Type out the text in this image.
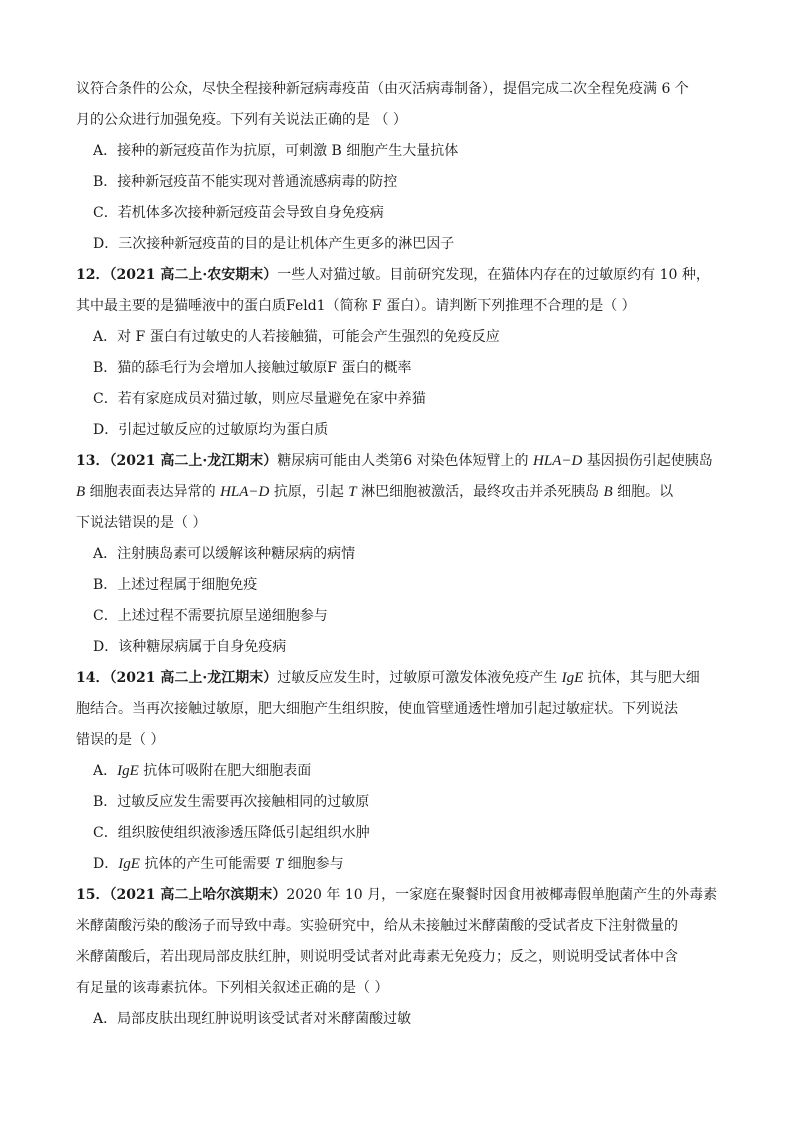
议符合条件的公众，尽快全程接种新冠病毒疫苗（由灭活病毒制备），提倡完成二次全程免疫满 6 个
月的公众进行加强免疫。下列有关说法正确的是 （ ）
A．接种的新冠疫苗作为抗原，可刺激 B 细胞产生大量抗体
B．接种新冠疫苗不能实现对普通流感病毒的防控
C．若机体多次接种新冠疫苗会导致自身免疫病
D．三次接种新冠疫苗的目的是让机体产生更多的淋巴因子
12．（2021 高二上·农安期末）一些人对猫过敏。目前研究发现，在猫体内存在的过敏原约有 10 种，
其中最主要的是猫唾液中的蛋白质Feld1（简称 F 蛋白）。请判断下列推理不合理的是（ ）
A．对 F 蛋白有过敏史的人若接触猫，可能会产生强烈的免疫反应
B．猫的舔毛行为会增加人接触过敏原F 蛋白的概率
C．若有家庭成员对猫过敏，则应尽量避免在家中养猫
D．引起过敏反应的过敏原均为蛋白质
13．（2021 高二上·龙江期末）糖尿病可能由人类第6 对染色体短臂上的 HLA−D 基因损伤引起使胰岛
B 细胞表面表达异常的 HLA−D 抗原，引起 T 淋巴细胞被激活，最终攻击并杀死胰岛 B 细胞。以
下说法错误的是（ ）
A．注射胰岛素可以缓解该种糖尿病的病情
B．上述过程属于细胞免疫
C．上述过程不需要抗原呈递细胞参与
D．该种糖尿病属于自身免疫病
14．（2021 高二上·龙江期末）过敏反应发生时，过敏原可激发体液免疫产生 IgE 抗体，其与肥大细
胞结合。当再次接触过敏原，肥大细胞产生组织胺，使血管壁通透性增加引起过敏症状。下列说法
错误的是（ ）
A．IgE 抗体可吸附在肥大细胞表面
B．过敏反应发生需要再次接触相同的过敏原
C．组织胺使组织液渗透压降低引起组织水肿
D．IgE 抗体的产生可能需要 T 细胞参与
15．（2021 高二上哈尔滨期末）2020 年 10 月，一家庭在聚餐时因食用被椰毒假单胞菌产生的外毒素
米酵菌酸污染的酸汤子而导致中毒。实验研究中，给从未接触过米酵菌酸的受试者皮下注射微量的
米酵菌酸后，若出现局部皮肤红肿，则说明受试者对此毒素无免疫力；反之，则说明受试者体中含
有足量的该毒素抗体。下列相关叙述正确的是（ ）
A．局部皮肤出现红肿说明该受试者对米酵菌酸过敏
